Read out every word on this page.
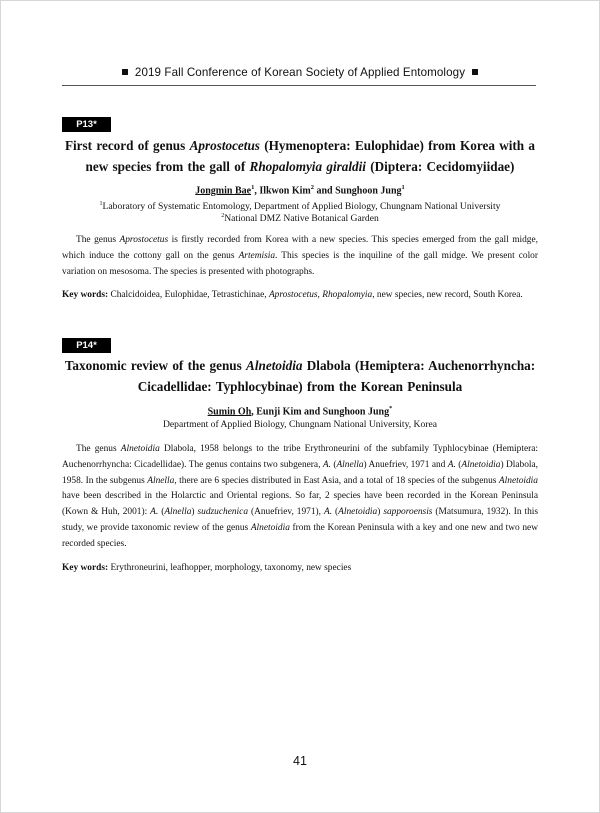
2019 Fall Conference of Korean Society of Applied Entomology
P13*
First record of genus Aprostocetus (Hymenoptera: Eulophidae) from Korea with a new species from the gall of Rhopalomyia giraldii (Diptera: Cecidomyiidae)
Jongmin Bae$^1$, Ilkwon Kim$^2$ and Sunghoon Jung$^1$
$^1$Laboratory of Systematic Entomology, Department of Applied Biology, Chungnam National University
$^2$National DMZ Native Botanical Garden

The genus Aprostocetus is firstly recorded from Korea with a new species. This species emerged from the gall midge, which induce the cottony gall on the genus Artemisia. This species is the inquiline of the gall midge. We present color variation on mesosoma. The species is presented with photographs.

Key words: Chalcidoidea, Eulophidae, Tetrastichinae, Aprostocetus, Rhopalomyia, new species, new record, South Korea.
P14*
Taxonomic review of the genus Alnetoidia Dlabola (Hemiptera: Auchenorrhyncha: Cicadellidae: Typhlocybinae) from the Korean Peninsula
Sumin Oh, Eunji Kim and Sunghoon Jung*
Department of Applied Biology, Chungnam National University, Korea

The genus Alnetoidia Dlabola, 1958 belongs to the tribe Erythroneurini of the subfamily Typhlocybinae (Hemiptera: Auchenorrhyncha: Cicadellidae). The genus contains two subgenera, A. (Alnella) Anuefriev, 1971 and A. (Alnetoidia) Dlabola, 1958. In the subgenus Alnella, there are 6 species distributed in East Asia, and a total of 18 species of the subgenus Alnetoidia have been described in the Holarctic and Oriental regions. So far, 2 species have been recorded in the Korean Peninsula (Kown & Huh, 2001): A. (Alnella) sudzuchenica (Anuefriev, 1971), A. (Alnetoidia) sapporoensis (Matsumura, 1932). In this study, we provide taxonomic review of the genus Alnetoidia from the Korean Peninsula with a key and one new and two new recorded species.

Key words: Erythroneurini, leafhopper, morphology, taxonomy, new species
41
